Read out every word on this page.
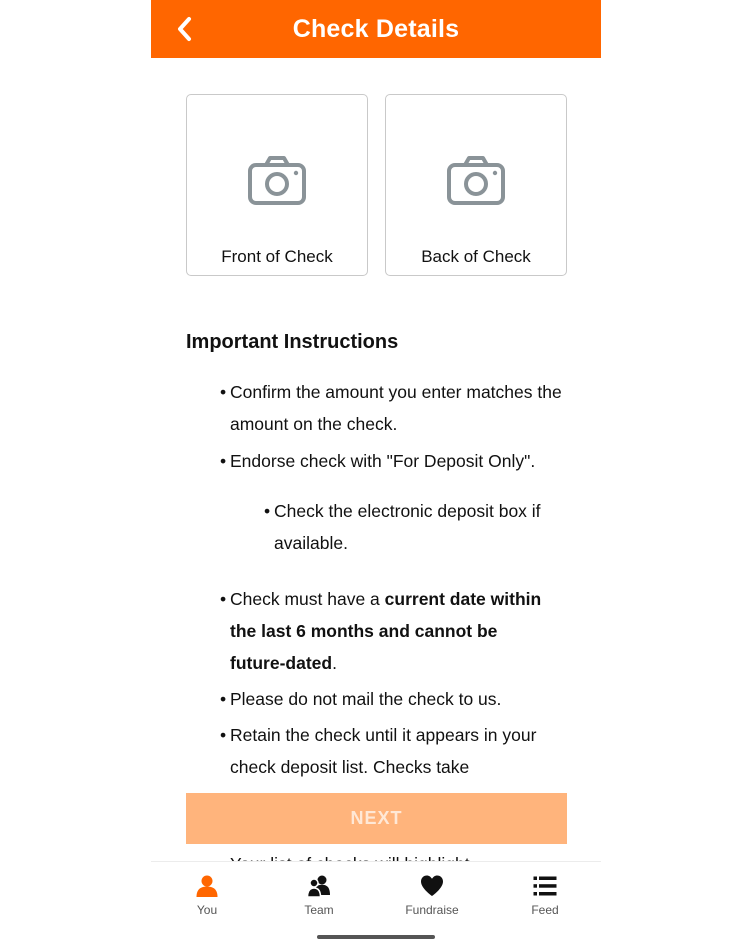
Check Details
Front of Check	Back of Check
Important Instructions
• Confirm the amount you enter matches the amount on the check.
• Endorse check with "For Deposit Only".
• Check the electronic deposit box if available.
• Check must have a current date within the last 6 months and cannot be future-dated.
• Please do not mail the check to us.
• Retain the check until it appears in your check deposit list. Checks take
NEXT
You	Team	Fundraise	Feed
